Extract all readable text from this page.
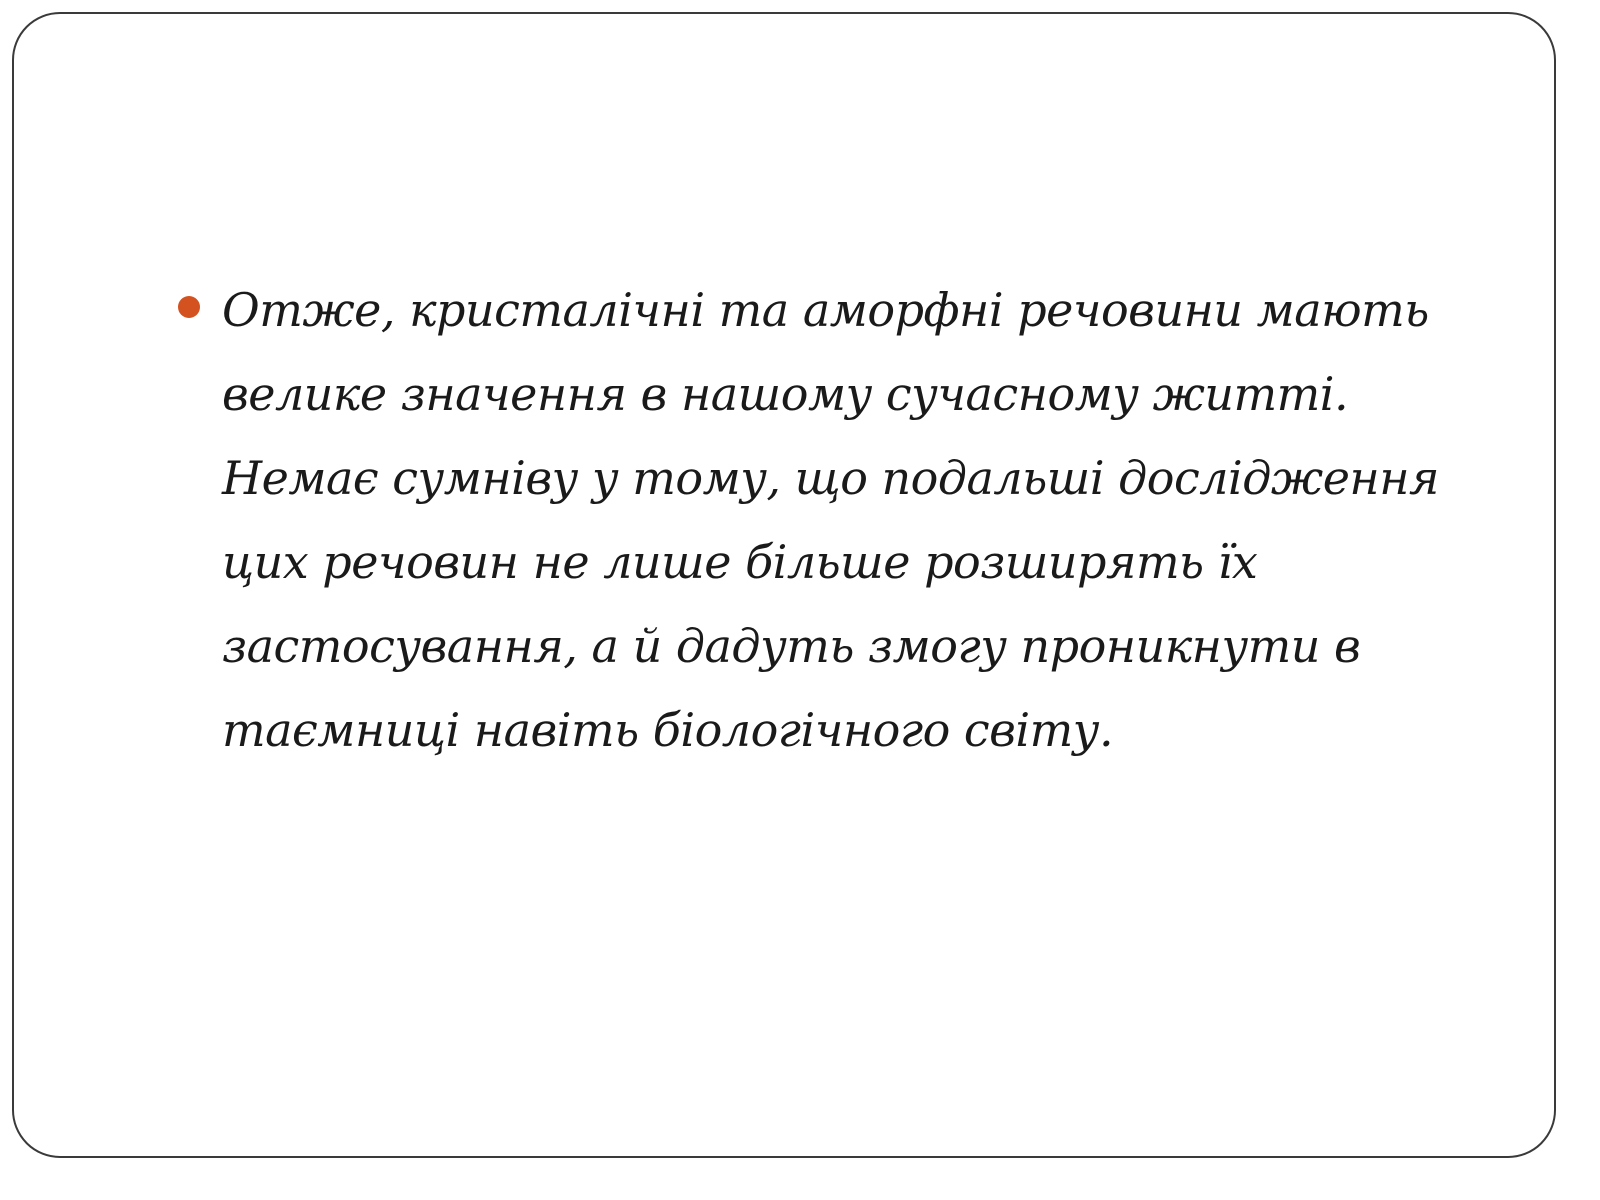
Отже, кристалічні та аморфні речовини мають велике значення в нашому сучасному житті. Немає сумніву у тому, що подальші дослідження цих речовин не лише більше розширять їх застосування, а й дадуть змогу проникнути в таємниці навіть біологічного світу.
